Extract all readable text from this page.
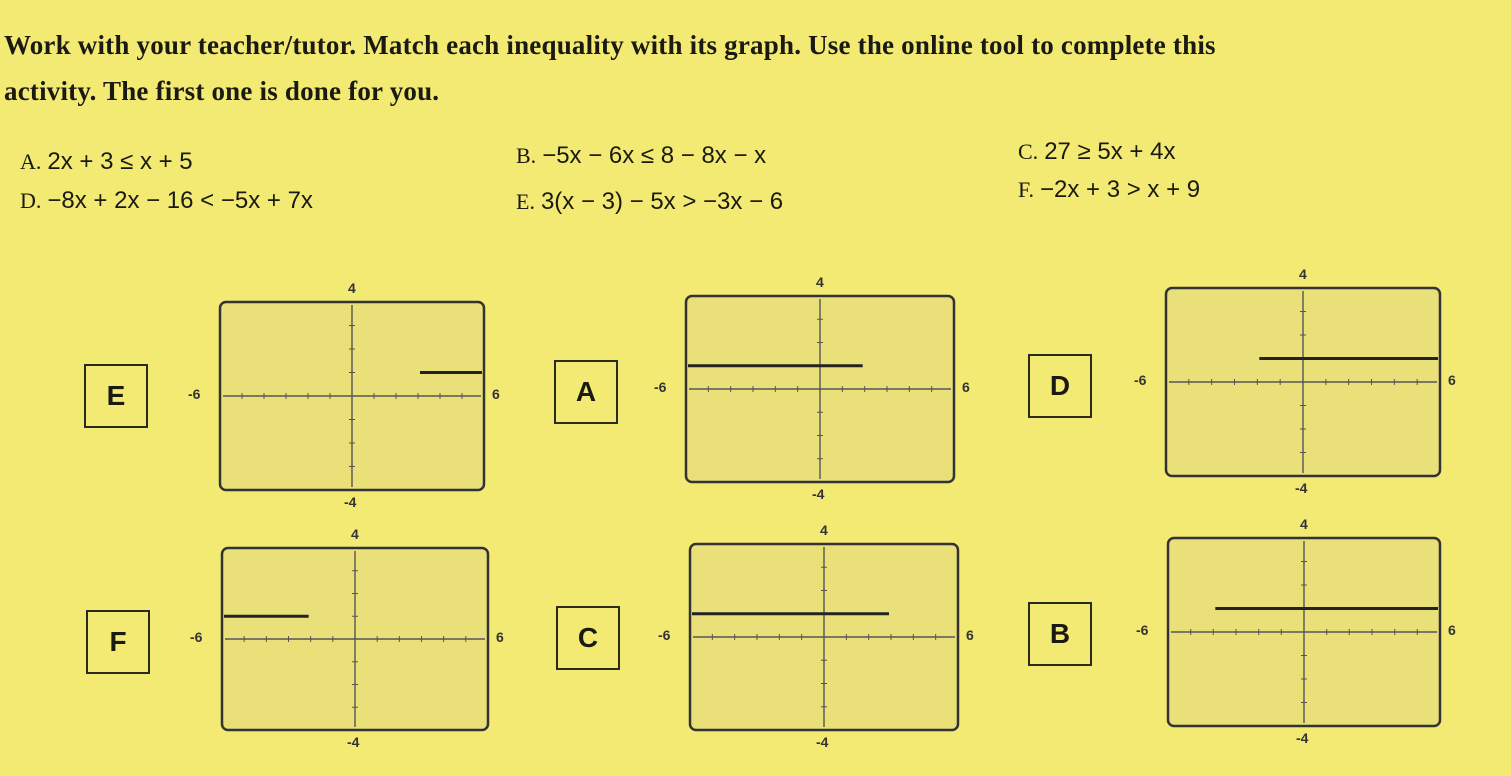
Work with your teacher/tutor. Match each inequality with its graph. Use the online tool to complete this
activity. The first one is done for you.
A. 2x + 3 ≤ x + 5	B. −5x − 6x ≤ 8 − 8x − x	C. 27 ≥ 5x + 4x
D. −8x + 2x − 16 < −5x + 7x	E. 3(x − 3) − 5x > −3x − 6	F. −2x + 3 > x + 9
E	A	D
F	C	B
4
-4
-6	6
4
-4
-6	6
4
-4
-6	6
4
-4
-6	6
4
-4
-6	6
4
-4
-6	6
